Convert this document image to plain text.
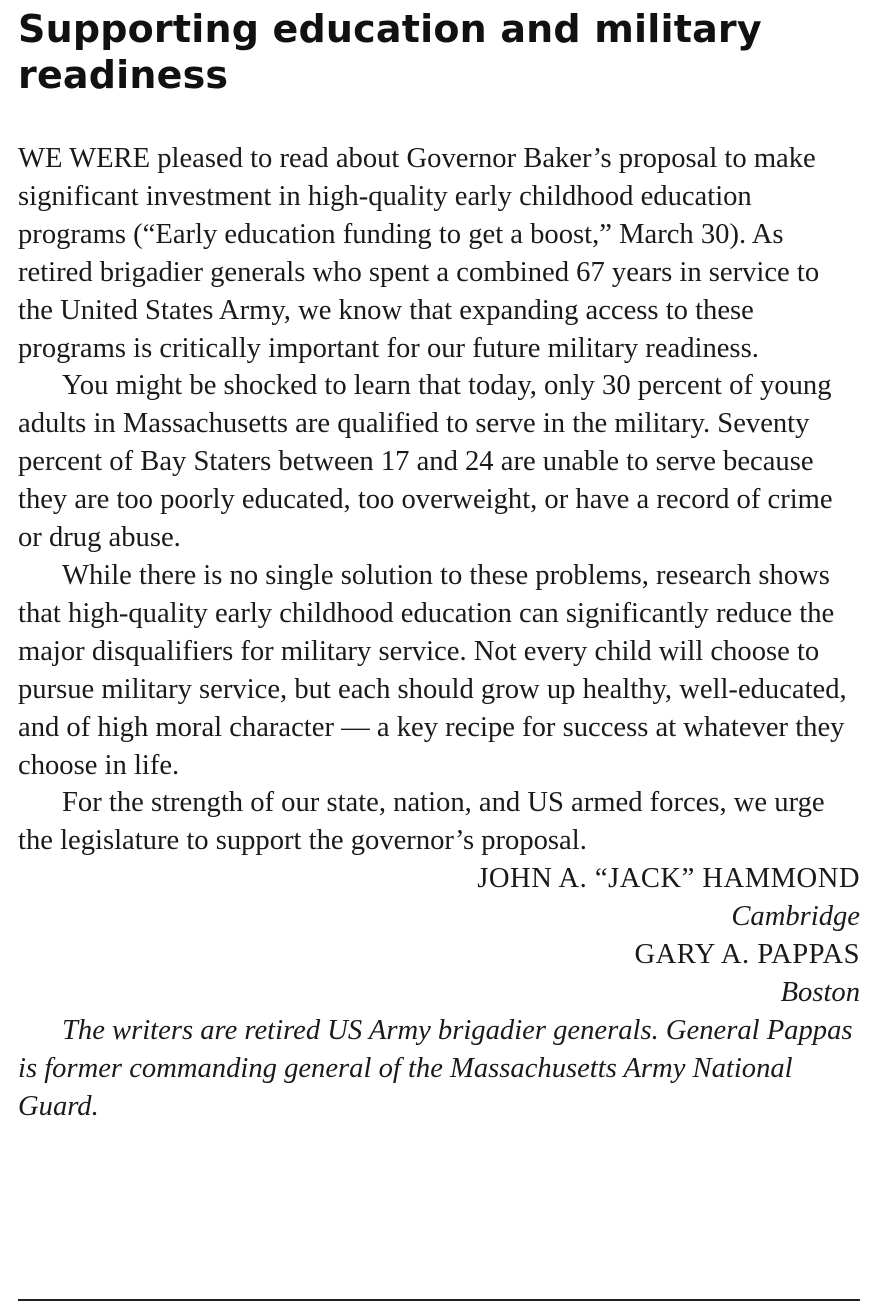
Supporting education and military readiness

WE WERE pleased to read about Governor Baker’s proposal to make significant investment in high-quality early childhood education programs (“Early education funding to get a boost,” March 30). As retired brigadier generals who spent a combined 67 years in service to the United States Army, we know that expanding access to these programs is critically important for our future military readiness.

You might be shocked to learn that today, only 30 percent of young adults in Massachusetts are qualified to serve in the military. Seventy percent of Bay Staters between 17 and 24 are unable to serve because they are too poorly educated, too overweight, or have a record of crime or drug abuse.

While there is no single solution to these problems, research shows that high-quality early childhood education can significantly reduce the major disqualifiers for military service. Not every child will choose to pursue military service, but each should grow up healthy, well-educated, and of high moral character — a key recipe for success at whatever they choose in life.

For the strength of our state, nation, and US armed forces, we urge the legislature to support the governor’s proposal.

JOHN A. “JACK” HAMMOND

Cambridge

GARY A. PAPPAS

Boston

The writers are retired US Army brigadier generals. General Pappas is former commanding general of the Massachusetts Army National Guard.
